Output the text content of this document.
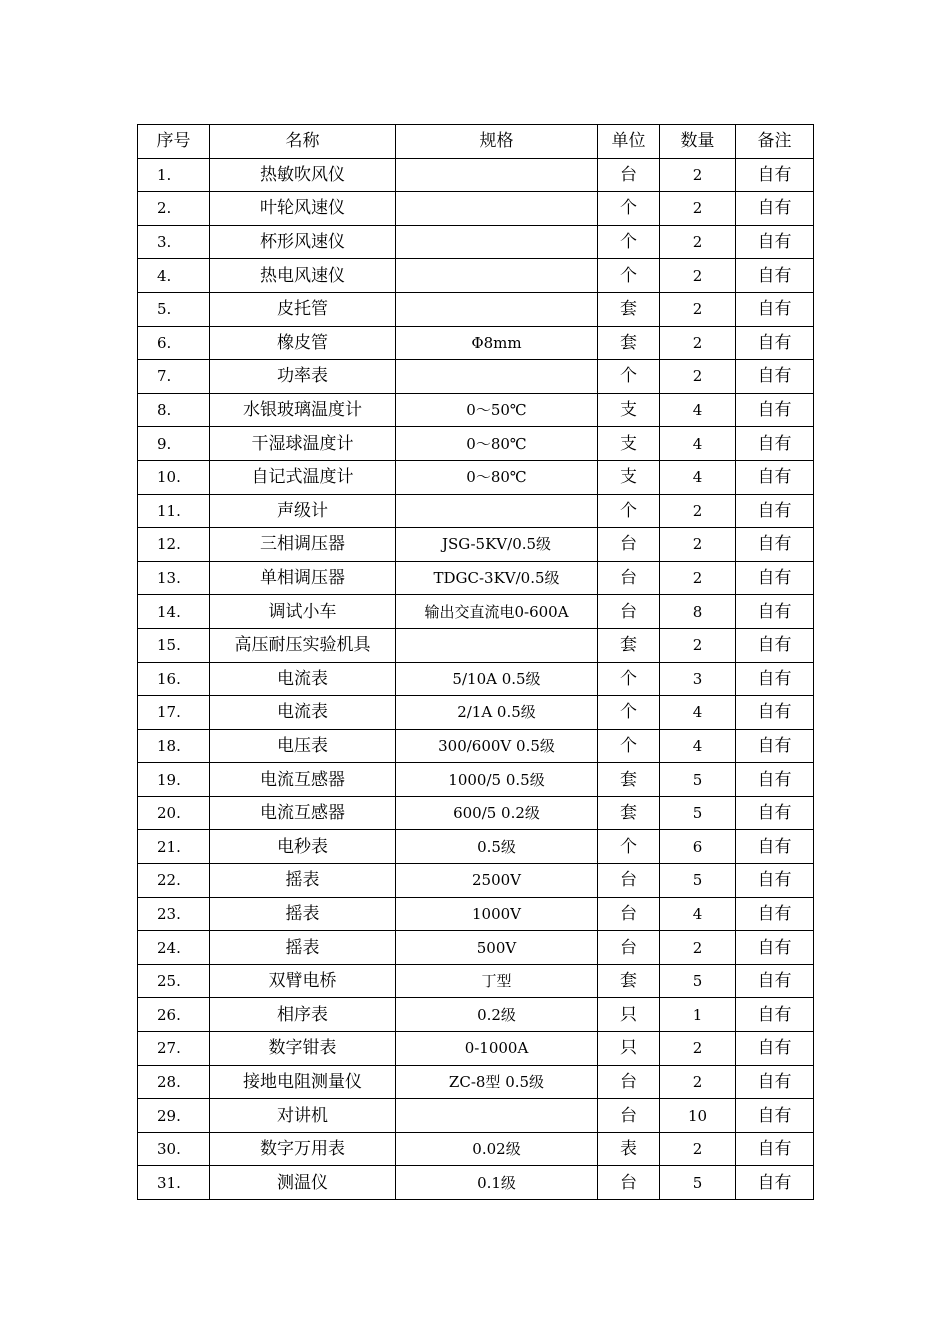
序号	名称	规格	单位	数量	备注
1.	热敏吹风仪		台	2	自有
2.	叶轮风速仪		个	2	自有
3.	杯形风速仪		个	2	自有
4.	热电风速仪		个	2	自有
5.	皮托管		套	2	自有
6.	橡皮管	Φ8mm	套	2	自有
7.	功率表		个	2	自有
8.	水银玻璃温度计	0～50℃	支	4	自有
9.	干湿球温度计	0～80℃	支	4	自有
10.	自记式温度计	0～80℃	支	4	自有
11.	声级计		个	2	自有
12.	三相调压器	JSG-5KV/0.5级	台	2	自有
13.	单相调压器	TDGC-3KV/0.5级	台	2	自有
14.	调试小车	输出交直流电0-600A	台	8	自有
15.	高压耐压实验机具		套	2	自有
16.	电流表	5/10A 0.5级	个	3	自有
17.	电流表	2/1A 0.5级	个	4	自有
18.	电压表	300/600V 0.5级	个	4	自有
19.	电流互感器	1000/5 0.5级	套	5	自有
20.	电流互感器	600/5 0.2级	套	5	自有
21.	电秒表	0.5级	个	6	自有
22.	摇表	2500V	台	5	自有
23.	摇表	1000V	台	4	自有
24.	摇表	500V	台	2	自有
25.	双臂电桥	丁型	套	5	自有
26.	相序表	0.2级	只	1	自有
27.	数字钳表	0-1000A	只	2	自有
28.	接地电阻测量仪	ZC-8型 0.5级	台	2	自有
29.	对讲机		台	10	自有
30.	数字万用表	0.02级	表	2	自有
31.	测温仪	0.1级	台	5	自有
